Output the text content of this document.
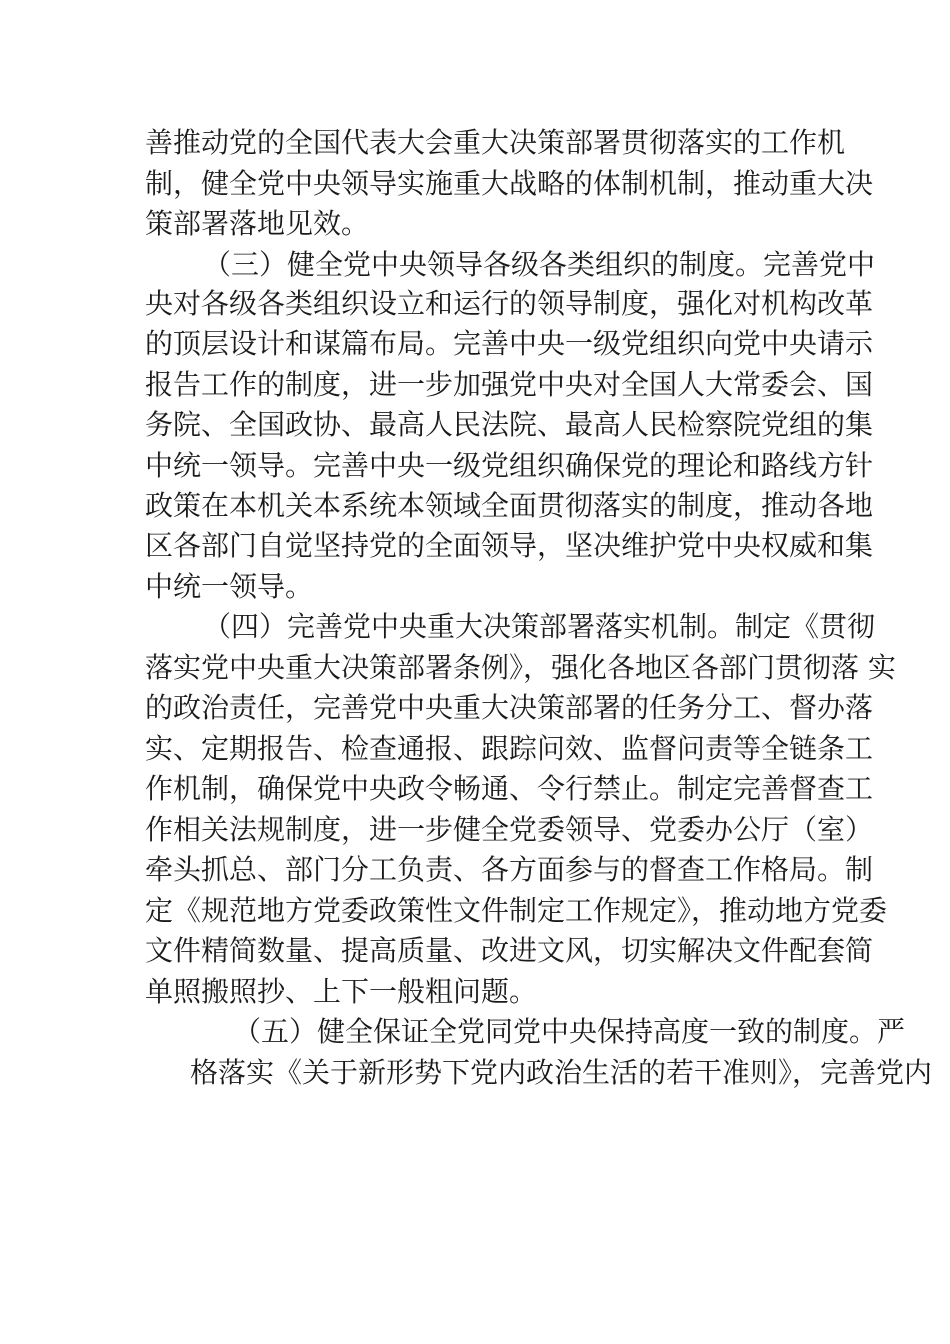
善推动党的全国代表大会重大决策部署贯彻落实的工作机
制，健全党中央领导实施重大战略的体制机制，推动重大决
策部署落地见效。
（三）健全党中央领导各级各类组织的制度。完善党中
央对各级各类组织设立和运行的领导制度，强化对机构改革
的顶层设计和谋篇布局。完善中央一级党组织向党中央请示
报告工作的制度，进一步加强党中央对全国人大常委会、国
务院、全国政协、最高人民法院、最高人民检察院党组的集
中统一领导。完善中央一级党组织确保党的理论和路线方针
政策在本机关本系统本领域全面贯彻落实的制度，推动各地
区各部门自觉坚持党的全面领导，坚决维护党中央权威和集
中统一领导。
（四）完善党中央重大决策部署落实机制。制定《贯彻
落实党中央重大决策部署条例》，强化各地区各部门贯彻落 实
的政治责任，完善党中央重大决策部署的任务分工、督办落
实、定期报告、检查通报、跟踪问效、监督问责等全链条工
作机制，确保党中央政令畅通、令行禁止。制定完善督查工
作相关法规制度，进一步健全党委领导、党委办公厅（室）
牵头抓总、部门分工负责、各方面参与的督查工作格局。制
定《规范地方党委政策性文件制定工作规定》，推动地方党委
文件精简数量、提高质量、改进文风，切实解决文件配套简
单照搬照抄、上下一般粗问题。
（五）健全保证全党同党中央保持高度一致的制度。严
格落实《关于新形势下党内政治生活的若干准则》，完善党内
